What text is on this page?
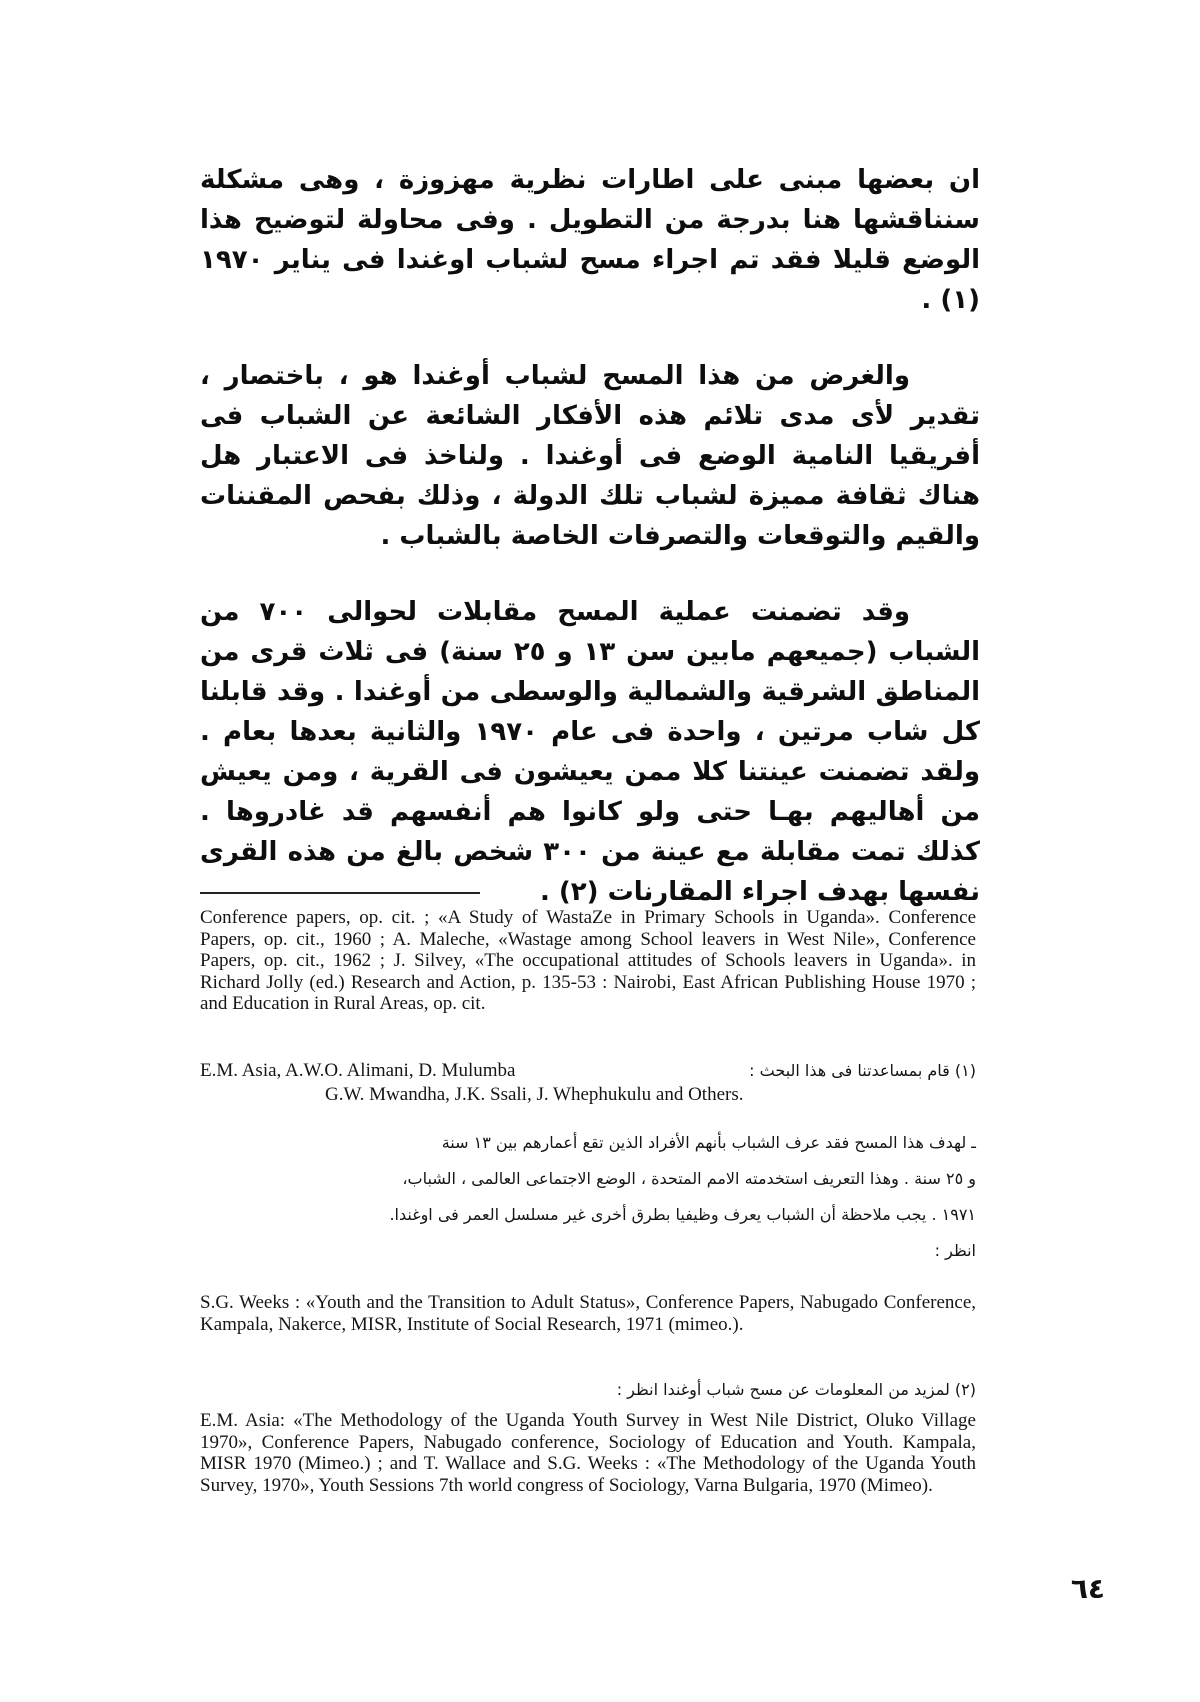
ان بعضها مبنى على اطارات نظرية مهزوزة ، وهى مشكلة سنناقشها هنا بدرجة من التطويل . وفى محاولة لتوضيح هذا الوضع قليلا فقد تم اجراء مسح لشباب اوغندا فى يناير ١٩٧٠ (١) .

والغرض من هذا المسح لشباب أوغندا هو ، باختصار ، تقدير لأى مدى تلائم هذه الأفكار الشائعة عن الشباب فى أفريقيا النامية الوضع فى أوغندا . ولناخذ فى الاعتبار هل هناك ثقافة مميزة لشباب تلك الدولة ، وذلك بفحص المقننات والقيم والتوقعات والتصرفات الخاصة بالشباب .

وقد تضمنت عملية المسح مقابلات لحوالى ٧٠٠ من الشباب (جميعهم مابين سن ١٣ و ٢٥ سنة) فى ثلاث قرى من المناطق الشرقية والشمالية والوسطى من أوغندا . وقد قابلنا كل شاب مرتين ، واحدة فى عام ١٩٧٠ والثانية بعدها بعام . ولقد تضمنت عينتنا كلا ممن يعيشون فى القرية ، ومن يعيش من أهاليهم بهـا حتى ولو كانوا هم أنفسهم قد غادروها . كذلك تمت مقابلة مع عينة من ٣٠٠ شخص بالغ من هذه القرى نفسها بهدف اجراء المقارنات (٢) .

Conference papers, op. cit. ; «A Study of WastaZe in Primary Schools in Uganda». Conference Papers, op. cit., 1960 ; A. Maleche, «Wastage among School leavers in West Nile», Conference Papers, op. cit., 1962 ; J. Silvey, «The occupational attitudes of Schools leavers in Uganda». in Richard Jolly (ed.) Research and Action, p. 135-53 : Nairobi, East African Publishing House 1970 ; and Education in Rural Areas, op. cit.

E.M. Asia, A.W.O. Alimani, D. Mulumba	(١) قام بمساعدتنا فى هذا البحث :

G.W. Mwandha, J.K. Ssali, J. Whephukulu and Others.

ـ لهدف هذا المسح فقد عرف الشباب بأنهم الأفراد الذين تقع أعمارهم بين ١٣ سنة

و ٢٥ سنة . وهذا التعريف استخدمته الامم المتحدة ، الوضع الاجتماعى العالمى ، الشباب،

١٩٧١ . يجب ملاحظة أن الشباب يعرف وظيفيا بطرق أخرى غير مسلسل العمر فى اوغندا.

انظر :

S.G. Weeks : «Youth and the Transition to Adult Status», Conference Papers, Nabugado Conference, Kampala, Nakerce, MISR, Institute of Social Research, 1971 (mimeo.).

(٢) لمزيد من المعلومات عن مسح شباب أوغندا انظر :

E.M. Asia: «The Methodology of the Uganda Youth Survey in West Nile District, Oluko Village 1970», Conference Papers, Nabugado conference, Sociology of Education and Youth. Kampala, MISR 1970 (Mimeo.) ; and T. Wallace and S.G. Weeks : «The Methodology of the Uganda Youth Survey, 1970», Youth Sessions 7th world congress of Sociology, Varna Bulgaria, 1970 (Mimeo).

٦٤
